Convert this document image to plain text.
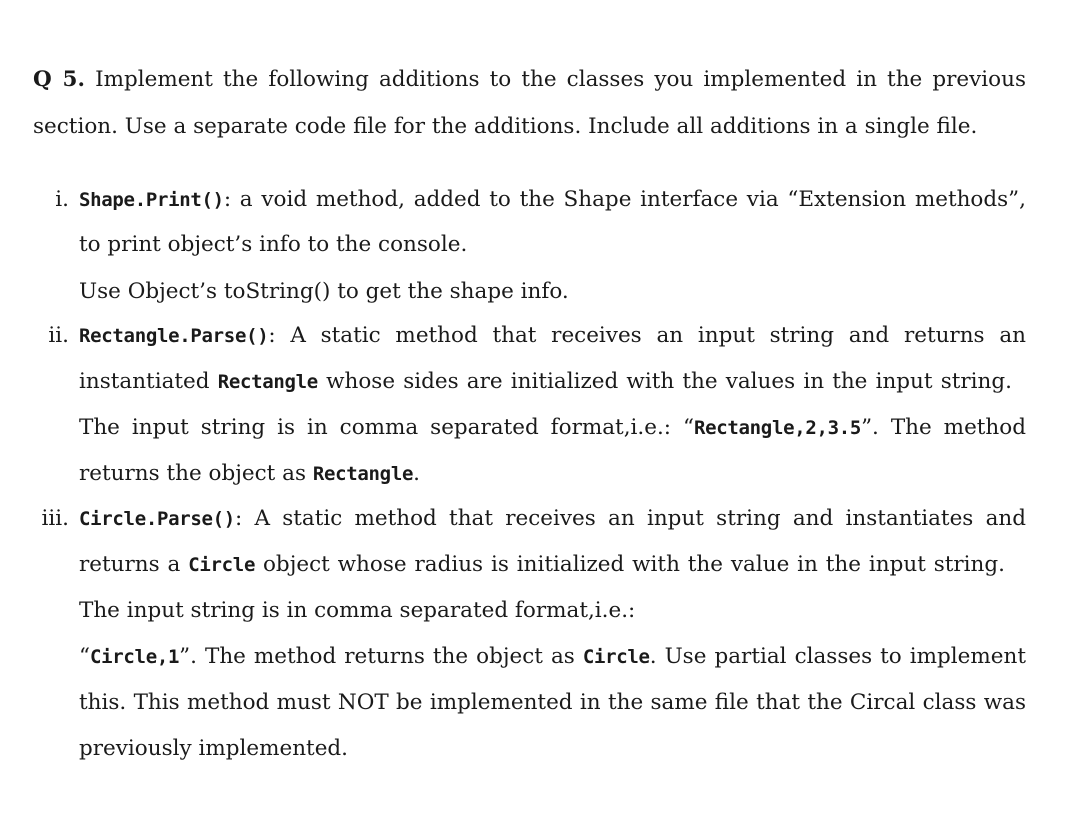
Q 5. Implement the following additions to the classes you implemented in the previous
section. Use a separate code file for the additions. Include all additions in a single file.
i. Shape.Print(): a void method, added to the Shape interface via “Extension methods”,
to print object’s info to the console.
Use Object’s toString() to get the shape info.
ii. Rectangle.Parse(): A static method that receives an input string and returns an
instantiated Rectangle whose sides are initialized with the values in the input string.
The input string is in comma separated format,i.e.: “Rectangle,2,3.5”. The method
returns the object as Rectangle.
iii. Circle.Parse(): A static method that receives an input string and instantiates and
returns a Circle object whose radius is initialized with the value in the input string.
The input string is in comma separated format,i.e.:
“Circle,1”. The method returns the object as Circle. Use partial classes to implement
this. This method must NOT be implemented in the same file that the Circal class was
previously implemented.
